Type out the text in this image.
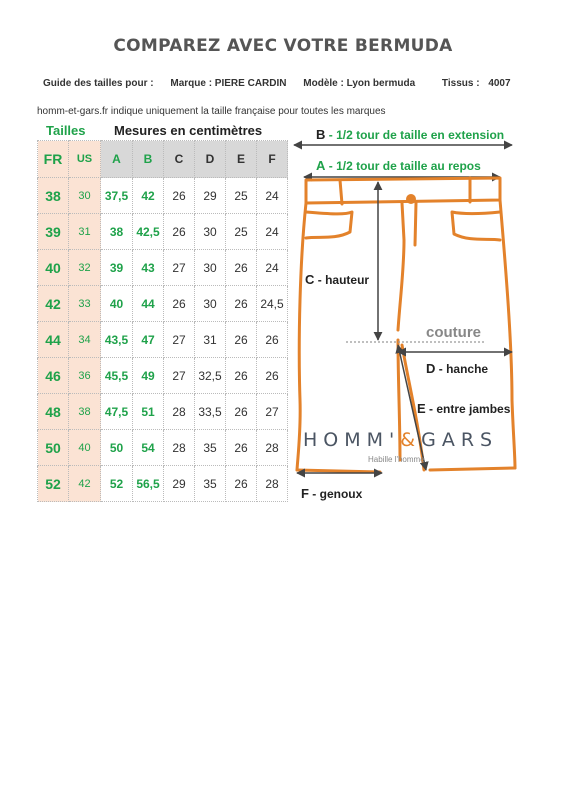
COMPAREZ AVEC VOTRE BERMUDA
Guide des tailles pour : Marque : PIERE CARDIN Modèle : Lyon bermuda	Tissus : 4007
homm-et-gars.fr indique uniquement la taille française pour toutes les marques
Tailles Mesures en centimètres
FR	US	A	B	C	D	E	F
38	30	37,5	42	26	29	25	24
39	31	38	42,5	26	30	25	24
40	32	39	43	27	30	26	24
42	33	40	44	26	30	26	24,5
44	34	43,5	47	27	31	26	26
46	36	45,5	49	27	32,5	26	26
48	38	47,5	51	28	33,5	26	27
50	40	50	54	28	35	26	28
52	42	52	56,5	29	35	26	28
B - 1/2 tour de taille en extension
A - 1/2 tour de taille au repos
C - hauteur
couture
D - hanche
E - entre jambes
HOMM'&GARS
Habille l'homme
F - genoux
